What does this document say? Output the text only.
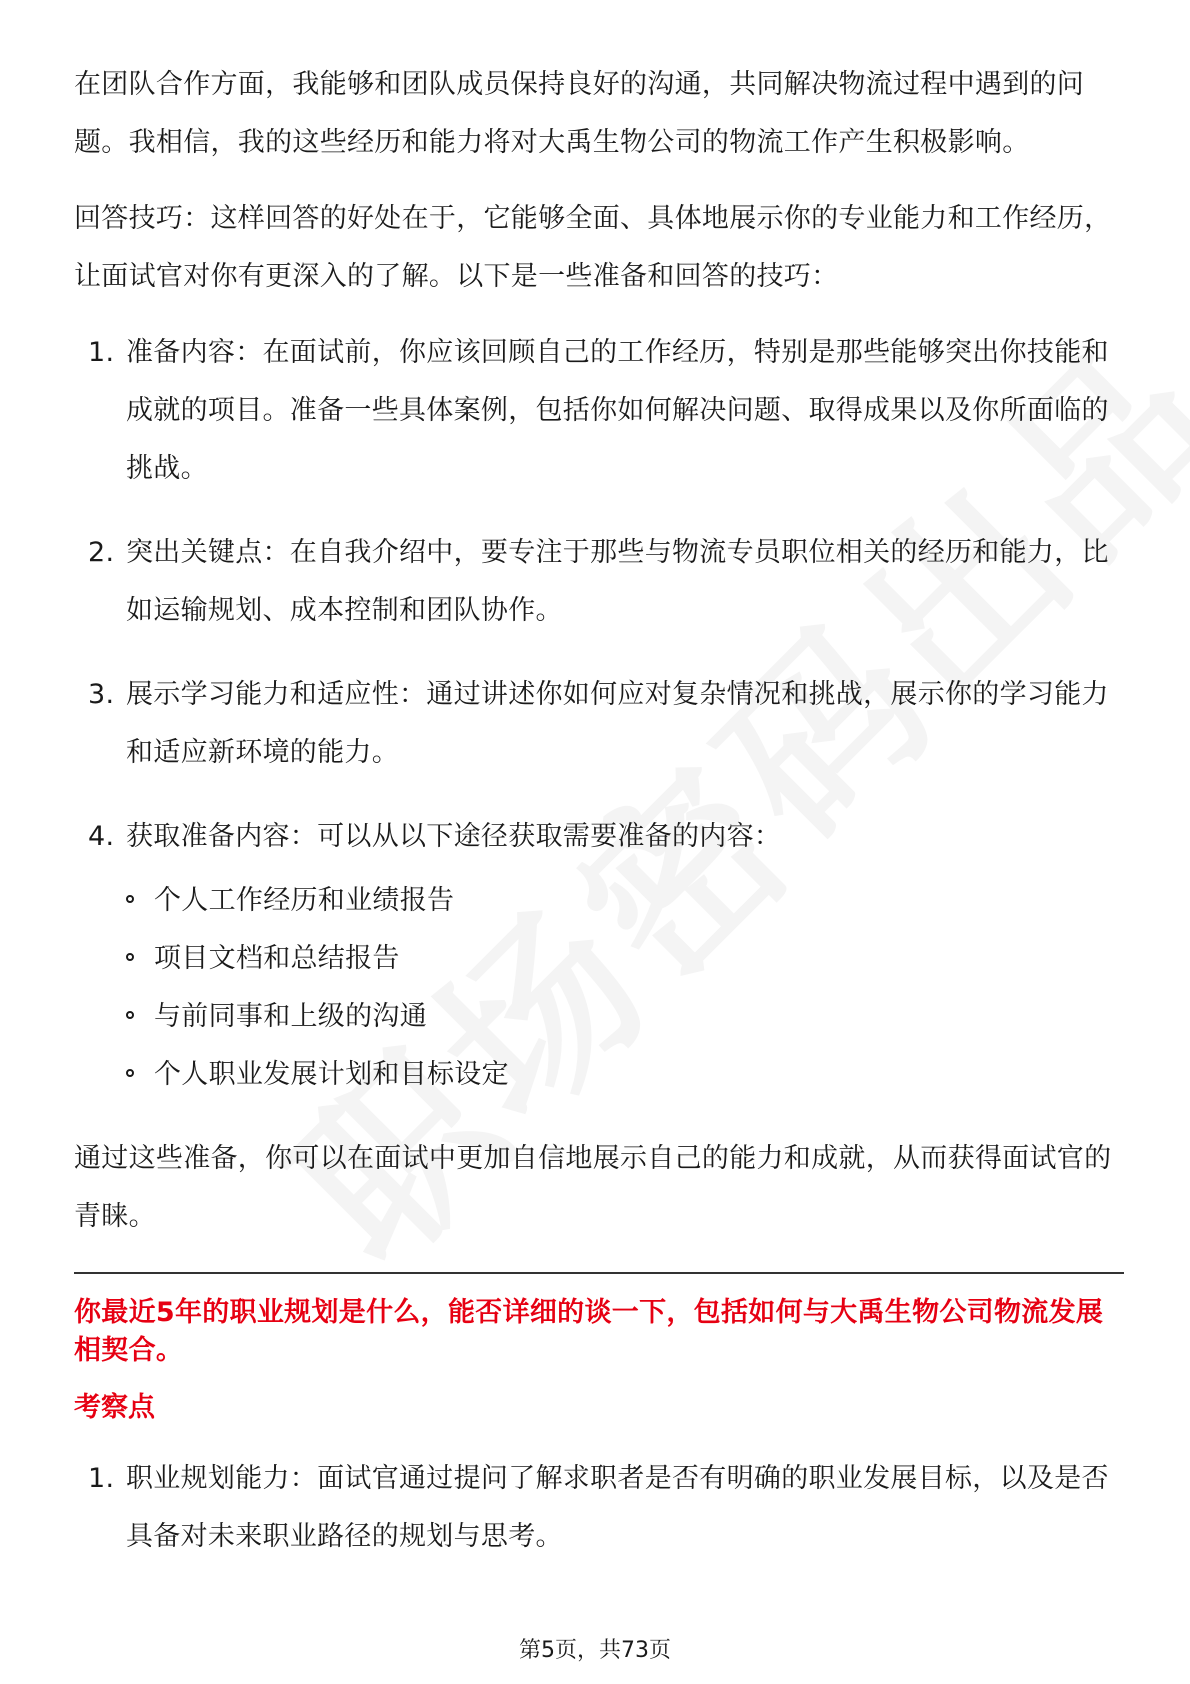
在团队合作方面，我能够和团队成员保持良好的沟通，共同解决物流过程中遇到的问题。我相信，我的这些经历和能力将对大禹生物公司的物流工作产生积极影响。

回答技巧：这样回答的好处在于，它能够全面、具体地展示你的专业能力和工作经历，让面试官对你有更深入的了解。以下是一些准备和回答的技巧：

1. 准备内容：在面试前，你应该回顾自己的工作经历，特别是那些能够突出你技能和成就的项目。准备一些具体案例，包括你如何解决问题、取得成果以及你所面临的挑战。
2. 突出关键点：在自我介绍中，要专注于那些与物流专员职位相关的经历和能力，比如运输规划、成本控制和团队协作。
3. 展示学习能力和适应性：通过讲述你如何应对复杂情况和挑战，展示你的学习能力和适应新环境的能力。
4. 获取准备内容：可以从以下途径获取需要准备的内容：
个人工作经历和业绩报告
项目文档和总结报告
与前同事和上级的沟通
个人职业发展计划和目标设定

通过这些准备，你可以在面试中更加自信地展示自己的能力和成就，从而获得面试官的青睐。

你最近5年的职业规划是什么，能否详细的谈一下，包括如何与大禹生物公司物流发展相契合。

考察点
1. 职业规划能力：面试官通过提问了解求职者是否有明确的职业发展目标，以及是否具备对未来职业路径的规划与思考。
第5页，共73页
